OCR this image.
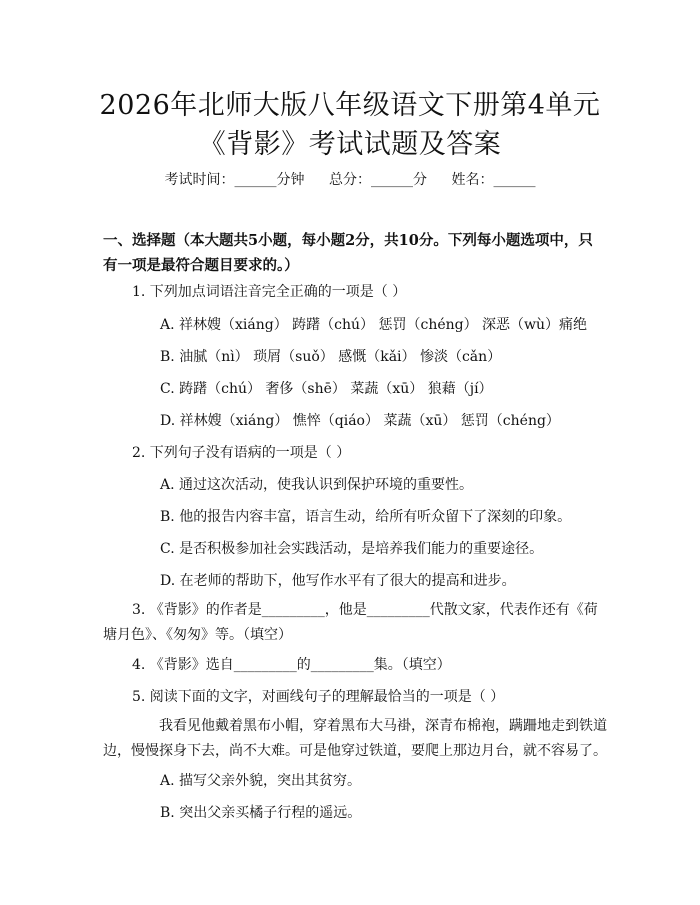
2026年北师大版八年级语文下册第4单元
《背影》考试试题及答案
考试时间：______分钟 总分：______分 姓名：______
一、选择题（本大题共5小题，每小题2分，共10分。下列每小题选项中，只有一项是最符合题目要求的。）
1. 下列加点词语注音完全正确的一项是（ ）
A. 祥林嫂（xiáng） 踌躇（chú） 惩罚（chéng） 深恶（wù）痛绝
B. 油腻（nì） 琐屑（suǒ） 感慨（kǎi） 惨淡（cǎn）
C. 踌躇（chú） 奢侈（shē） 菜蔬（xū） 狼藉（jí）
D. 祥林嫂（xiáng） 憔悴（qiáo） 菜蔬（xū） 惩罚（chéng）
2. 下列句子没有语病的一项是（ ）
A. 通过这次活动，使我认识到保护环境的重要性。
B. 他的报告内容丰富，语言生动，给所有听众留下了深刻的印象。
C. 是否积极参加社会实践活动，是培养我们能力的重要途径。
D. 在老师的帮助下，他写作水平有了很大的提高和进步。
3. 《背影》的作者是_________，他是_________代散文家，代表作还有《荷塘月色》、《匆匆》等。（填空）
4. 《背影》选自_________的_________集。（填空）
5. 阅读下面的文字，对画线句子的理解最恰当的一项是（ ）
我看见他戴着黑布小帽，穿着黑布大马褂，深青布棉袍，蹒跚地走到铁道边，慢慢探身下去，尚不大难。可是他穿过铁道，要爬上那边月台，就不容易了。
A. 描写父亲外貌，突出其贫穷。
B. 突出父亲买橘子行程的遥远。
